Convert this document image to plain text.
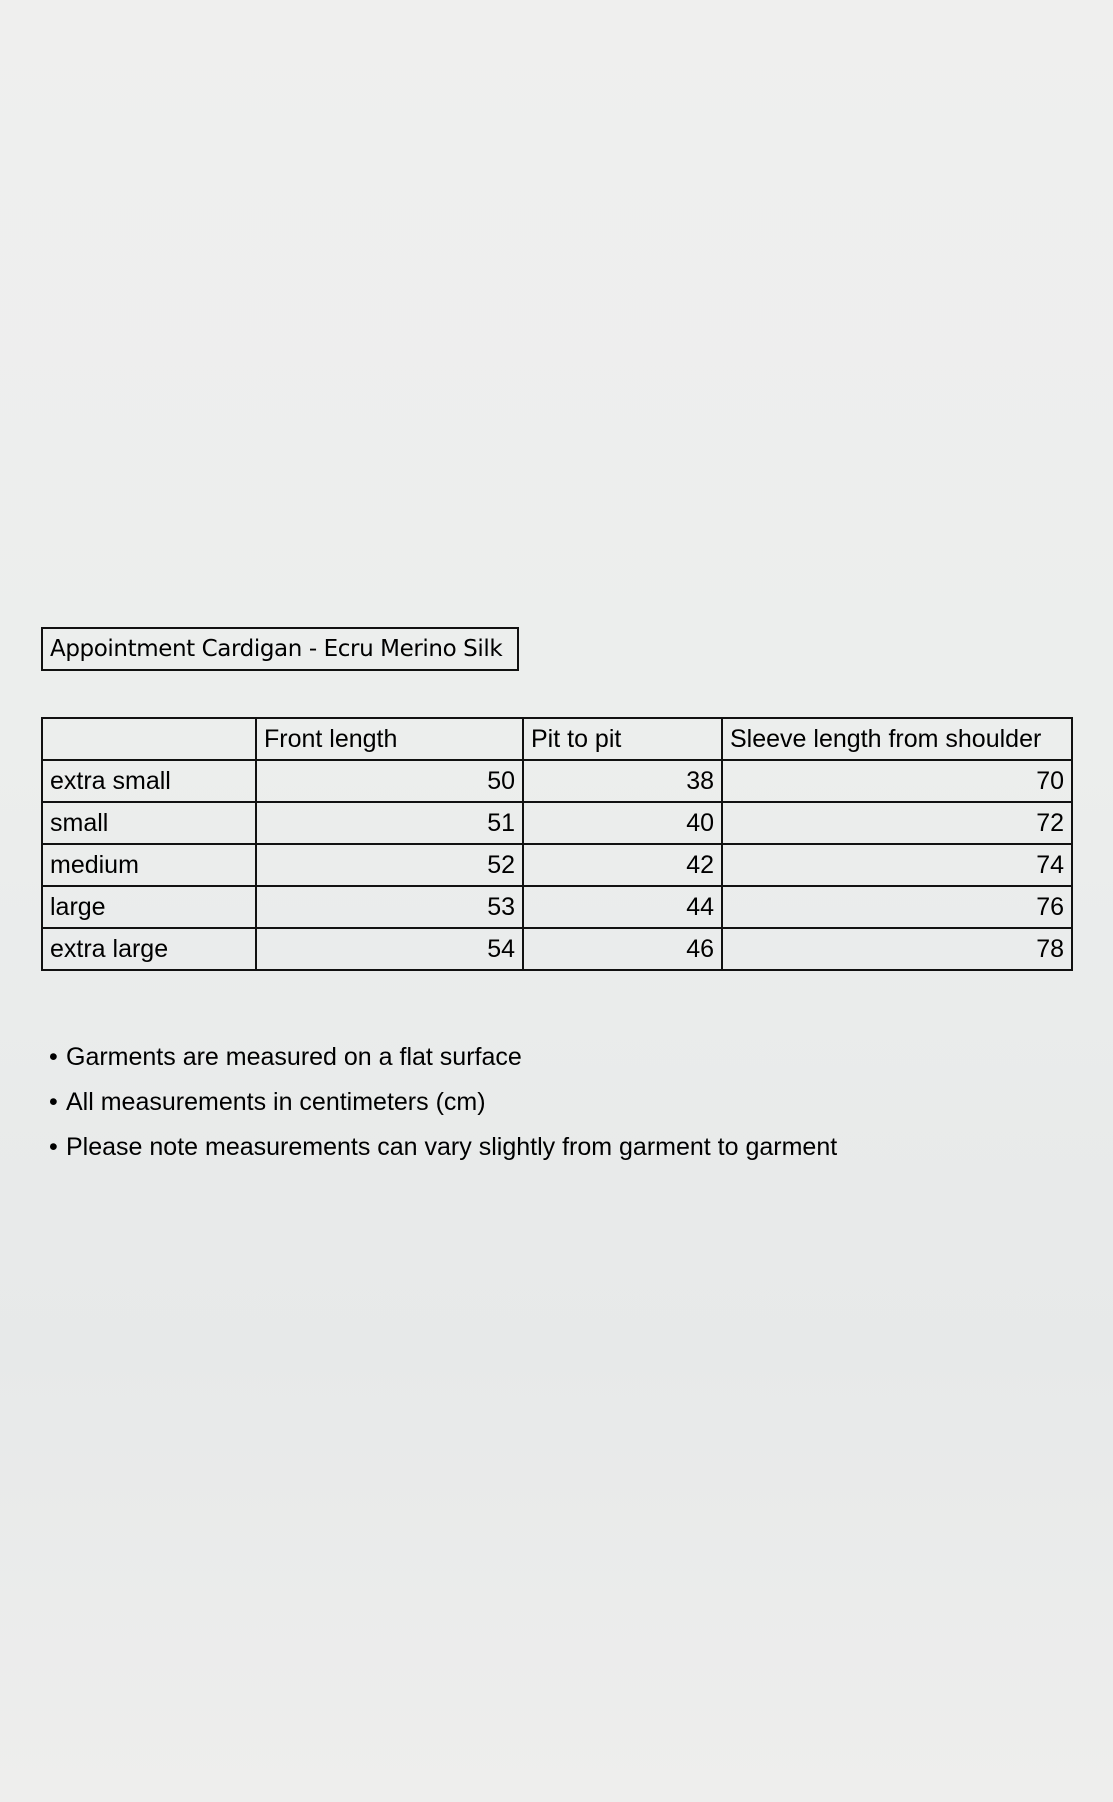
Appointment Cardigan - Ecru Merino Silk
	Front length	Pit to pit	Sleeve length from shoulder
extra small	50	38	70
small	51	40	72
medium	52	42	74
large	53	44	76
extra large	54	46	78
• Garments are measured on a flat surface
• All measurements in centimeters (cm)
• Please note measurements can vary slightly from garment to garment
